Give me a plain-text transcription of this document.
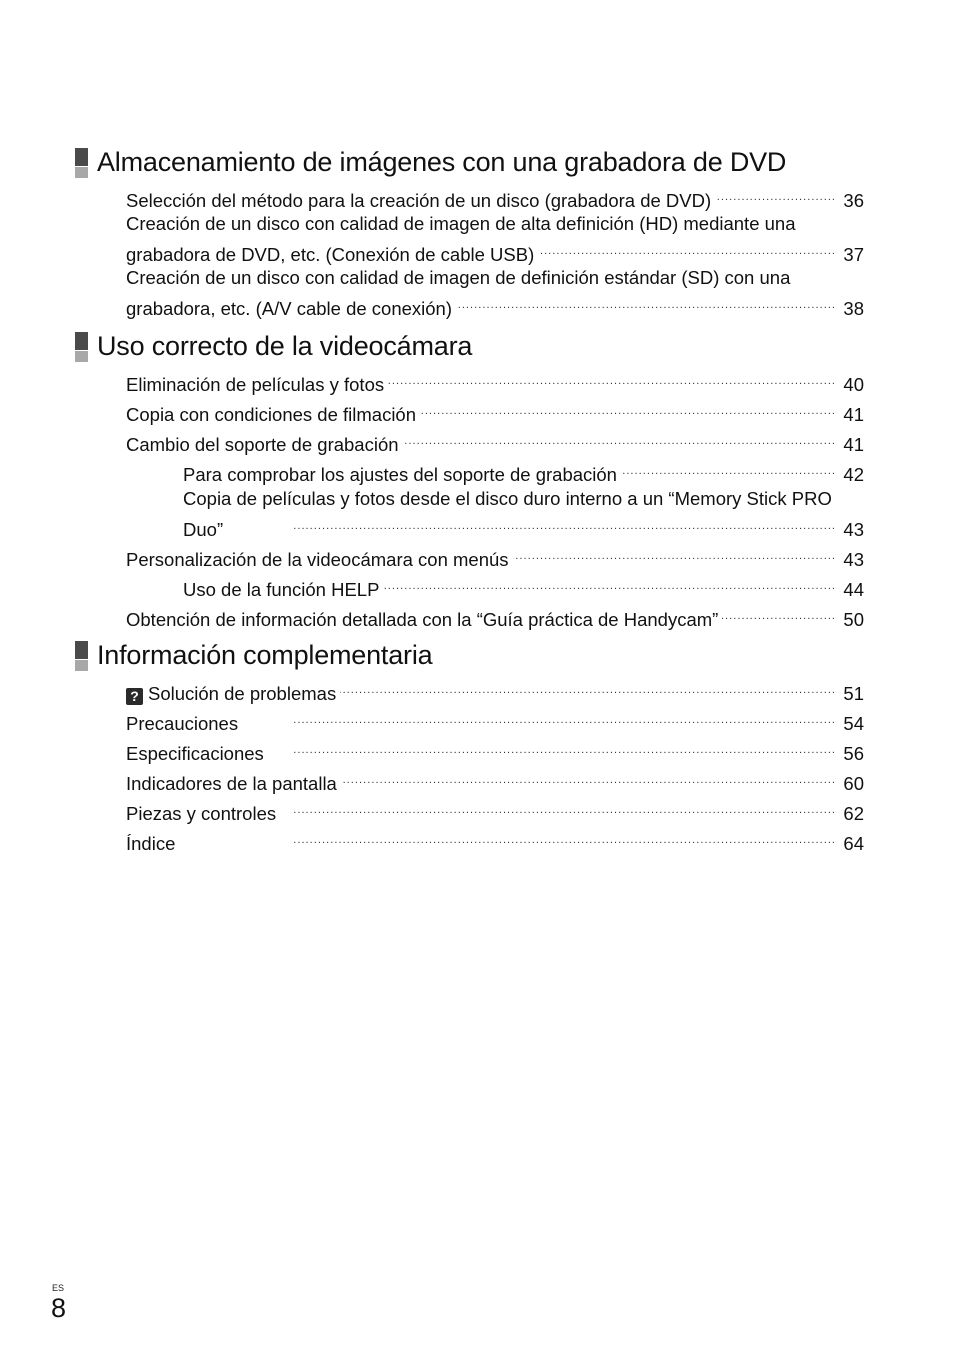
Almacenamiento de imágenes con una grabadora de DVD
Selección del método para la creación de un disco (grabadora de DVD) . . .	36
Creación de un disco con calidad de imagen de alta definición (HD) mediante una
grabadora de DVD, etc. (Conexión de cable USB) . . .	37
Creación de un disco con calidad de imagen de definición estándar (SD) con una
grabadora, etc. (A/V cable de conexión) . . .	38
Uso correcto de la videocámara
Eliminación de películas y fotos . . .	40
Copia con condiciones de filmación . . .	41
Cambio del soporte de grabación . . .	41
Para comprobar los ajustes del soporte de grabación . . .	42
Copia de películas y fotos desde el disco duro interno a un “Memory Stick PRO
Duo” . . .	43
Personalización de la videocámara con menús . . .	43
Uso de la función HELP . . .	44
Obtención de información detallada con la “Guía práctica de Handycam” . . .	50
Información complementaria
? Solución de problemas . . .	51
Precauciones . . .	54
Especificaciones . . .	56
Indicadores de la pantalla . . .	60
Piezas y controles . . .	62
Índice . . .	64
ES
8
